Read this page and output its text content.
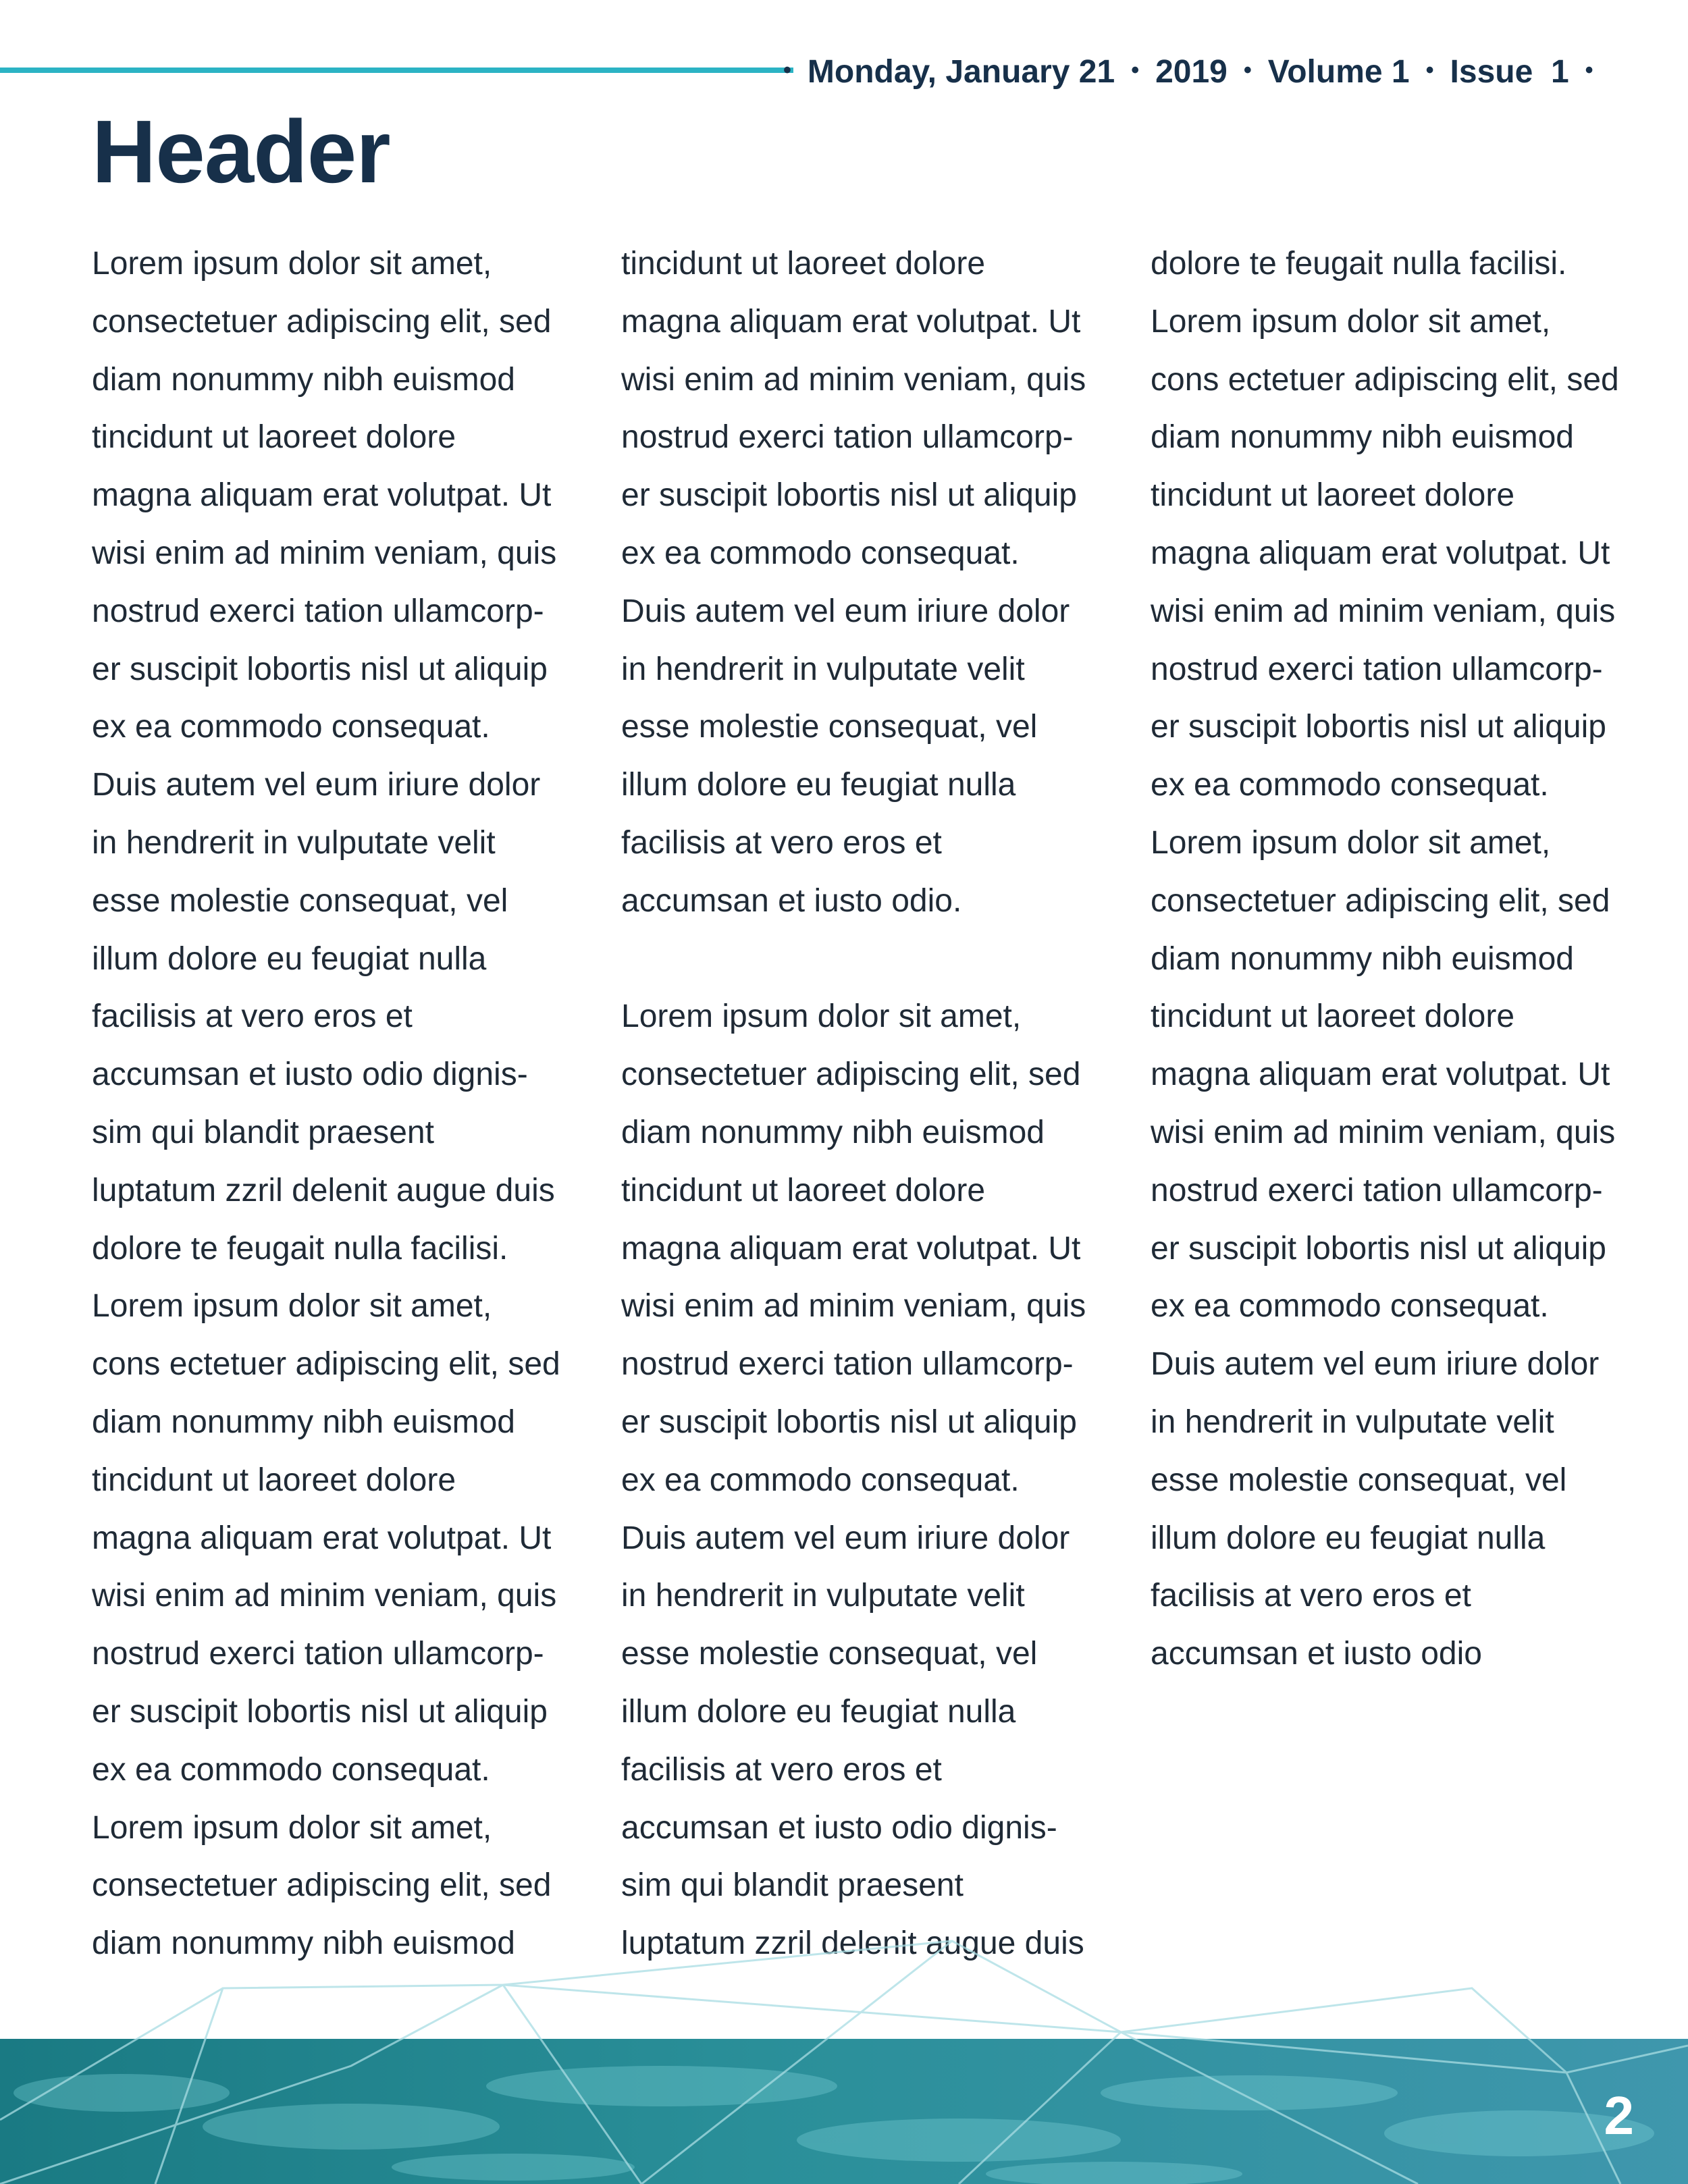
• Monday, January 21 • 2019 • Volume 1 • Issue  1 •
Header
Lorem ipsum dolor sit amet,
consectetuer adipiscing elit, sed
diam nonummy nibh euismod
tincidunt ut laoreet dolore
magna aliquam erat volutpat. Ut
wisi enim ad minim veniam, quis
nostrud exerci tation ullamcorp-
er suscipit lobortis nisl ut aliquip
ex ea commodo consequat.
Duis autem vel eum iriure dolor
in hendrerit in vulputate velit
esse molestie consequat, vel
illum dolore eu feugiat nulla
facilisis at vero eros et
accumsan et iusto odio dignis-
sim qui blandit praesent
luptatum zzril delenit augue duis
dolore te feugait nulla facilisi.
Lorem ipsum dolor sit amet,
cons ectetuer adipiscing elit, sed
diam nonummy nibh euismod
tincidunt ut laoreet dolore
magna aliquam erat volutpat. Ut
wisi enim ad minim veniam, quis
nostrud exerci tation ullamcorp-
er suscipit lobortis nisl ut aliquip
ex ea commodo consequat.
Lorem ipsum dolor sit amet,
consectetuer adipiscing elit, sed
diam nonummy nibh euismod
tincidunt ut laoreet dolore
magna aliquam erat volutpat. Ut
wisi enim ad minim veniam, quis
nostrud exerci tation ullamcorp-
er suscipit lobortis nisl ut aliquip
ex ea commodo consequat.
Duis autem vel eum iriure dolor
in hendrerit in vulputate velit
esse molestie consequat, vel
illum dolore eu feugiat nulla
facilisis at vero eros et
accumsan et iusto odio.
Lorem ipsum dolor sit amet,
consectetuer adipiscing elit, sed
diam nonummy nibh euismod
tincidunt ut laoreet dolore
magna aliquam erat volutpat. Ut
wisi enim ad minim veniam, quis
nostrud exerci tation ullamcorp-
er suscipit lobortis nisl ut aliquip
ex ea commodo consequat.
Duis autem vel eum iriure dolor
in hendrerit in vulputate velit
esse molestie consequat, vel
illum dolore eu feugiat nulla
facilisis at vero eros et
accumsan et iusto odio dignis-
sim qui blandit praesent
luptatum zzril delenit augue duis
dolore te feugait nulla facilisi.
Lorem ipsum dolor sit amet,
cons ectetuer adipiscing elit, sed
diam nonummy nibh euismod
tincidunt ut laoreet dolore
magna aliquam erat volutpat. Ut
wisi enim ad minim veniam, quis
nostrud exerci tation ullamcorp-
er suscipit lobortis nisl ut aliquip
ex ea commodo consequat.
Lorem ipsum dolor sit amet,
consectetuer adipiscing elit, sed
diam nonummy nibh euismod
tincidunt ut laoreet dolore
magna aliquam erat volutpat. Ut
wisi enim ad minim veniam, quis
nostrud exerci tation ullamcorp-
er suscipit lobortis nisl ut aliquip
ex ea commodo consequat.
Duis autem vel eum iriure dolor
in hendrerit in vulputate velit
esse molestie consequat, vel
illum dolore eu feugiat nulla
facilisis at vero eros et
accumsan et iusto odio
2
